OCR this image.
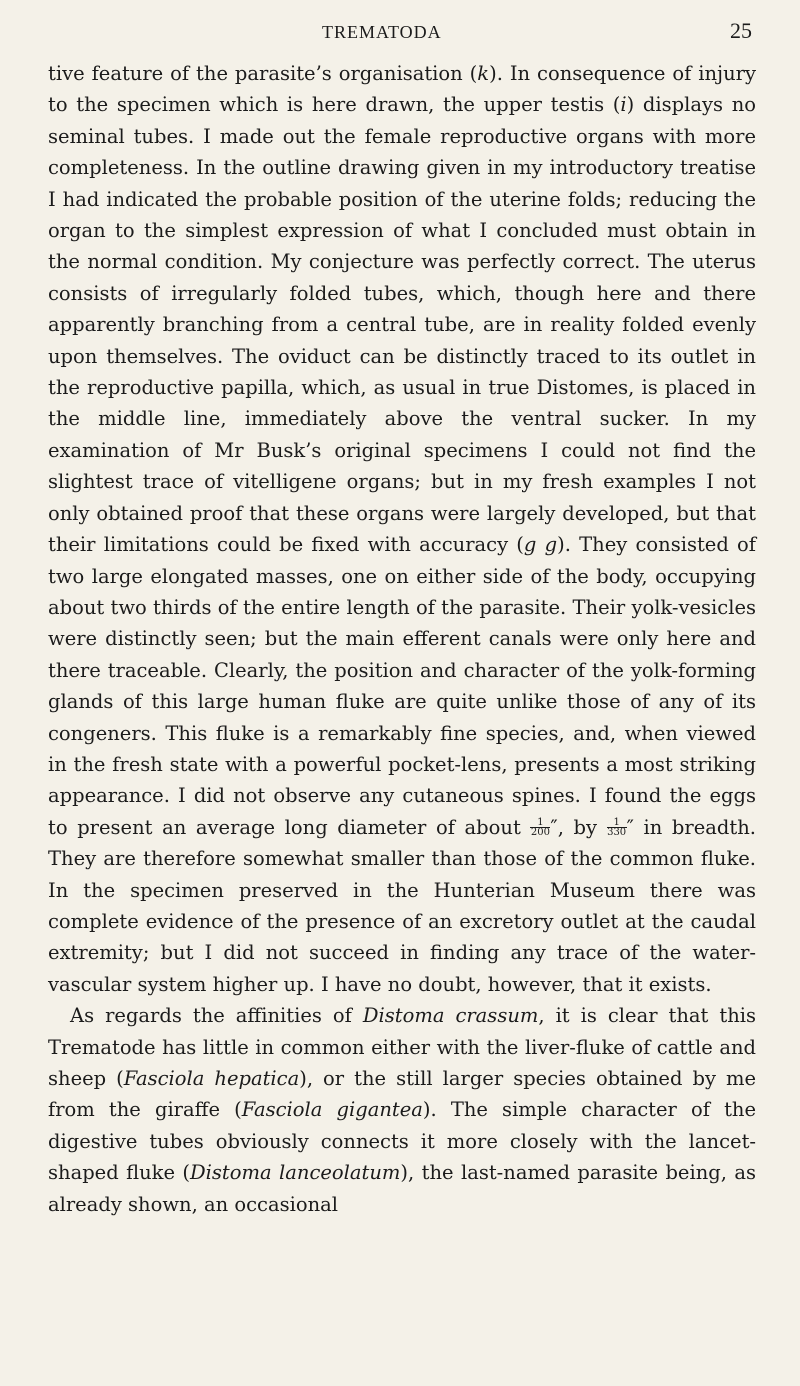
TREMATODA	25

tive feature of the parasite’s organisation (k). In consequence of injury to the specimen which is here drawn, the upper testis (i) displays no seminal tubes. I made out the female reproductive organs with more completeness. In the outline drawing given in my introductory treatise I had indicated the probable position of the uterine folds; reducing the organ to the simplest expression of what I concluded must obtain in the normal condition. My conjecture was perfectly correct. The uterus consists of irregularly folded tubes, which, though here and there apparently branching from a central tube, are in reality folded evenly upon themselves. The oviduct can be distinctly traced to its outlet in the reproductive papilla, which, as usual in true Distomes, is placed in the middle line, immediately above the ventral sucker. In my examination of Mr Busk’s original specimens I could not find the slightest trace of vitelligene organs; but in my fresh examples I not only obtained proof that these organs were largely developed, but that their limitations could be fixed with accuracy (g g). They consisted of two large elongated masses, one on either side of the body, occupying about two thirds of the entire length of the parasite. Their yolk-vesicles were distinctly seen; but the main efferent canals were only here and there traceable. Clearly, the position and character of the yolk-forming glands of this large human fluke are quite unlike those of any of its congeners. This fluke is a remarkably fine species, and, when viewed in the fresh state with a powerful pocket-lens, presents a most striking appearance. I did not observe any cutaneous spines. I found the eggs to present an average long diameter of about $\frac{1}{200}$ ″, by $\frac{1}{330}$ ″ in breadth. They are therefore somewhat smaller than those of the common fluke. In the specimen preserved in the Hunterian Museum there was complete evidence of the presence of an excretory outlet at the caudal extremity; but I did not succeed in finding any trace of the water-vascular system higher up. I have no doubt, however, that it exists.

As regards the affinities of Distoma crassum, it is clear that this Trematode has little in common either with the liver-fluke of cattle and sheep (Fasciola hepatica), or the still larger species obtained by me from the giraffe (Fasciola gigantea). The simple character of the digestive tubes obviously connects it more closely with the lancet-shaped fluke (Distoma lanceolatum), the last-named parasite being, as already shown, an occasional
